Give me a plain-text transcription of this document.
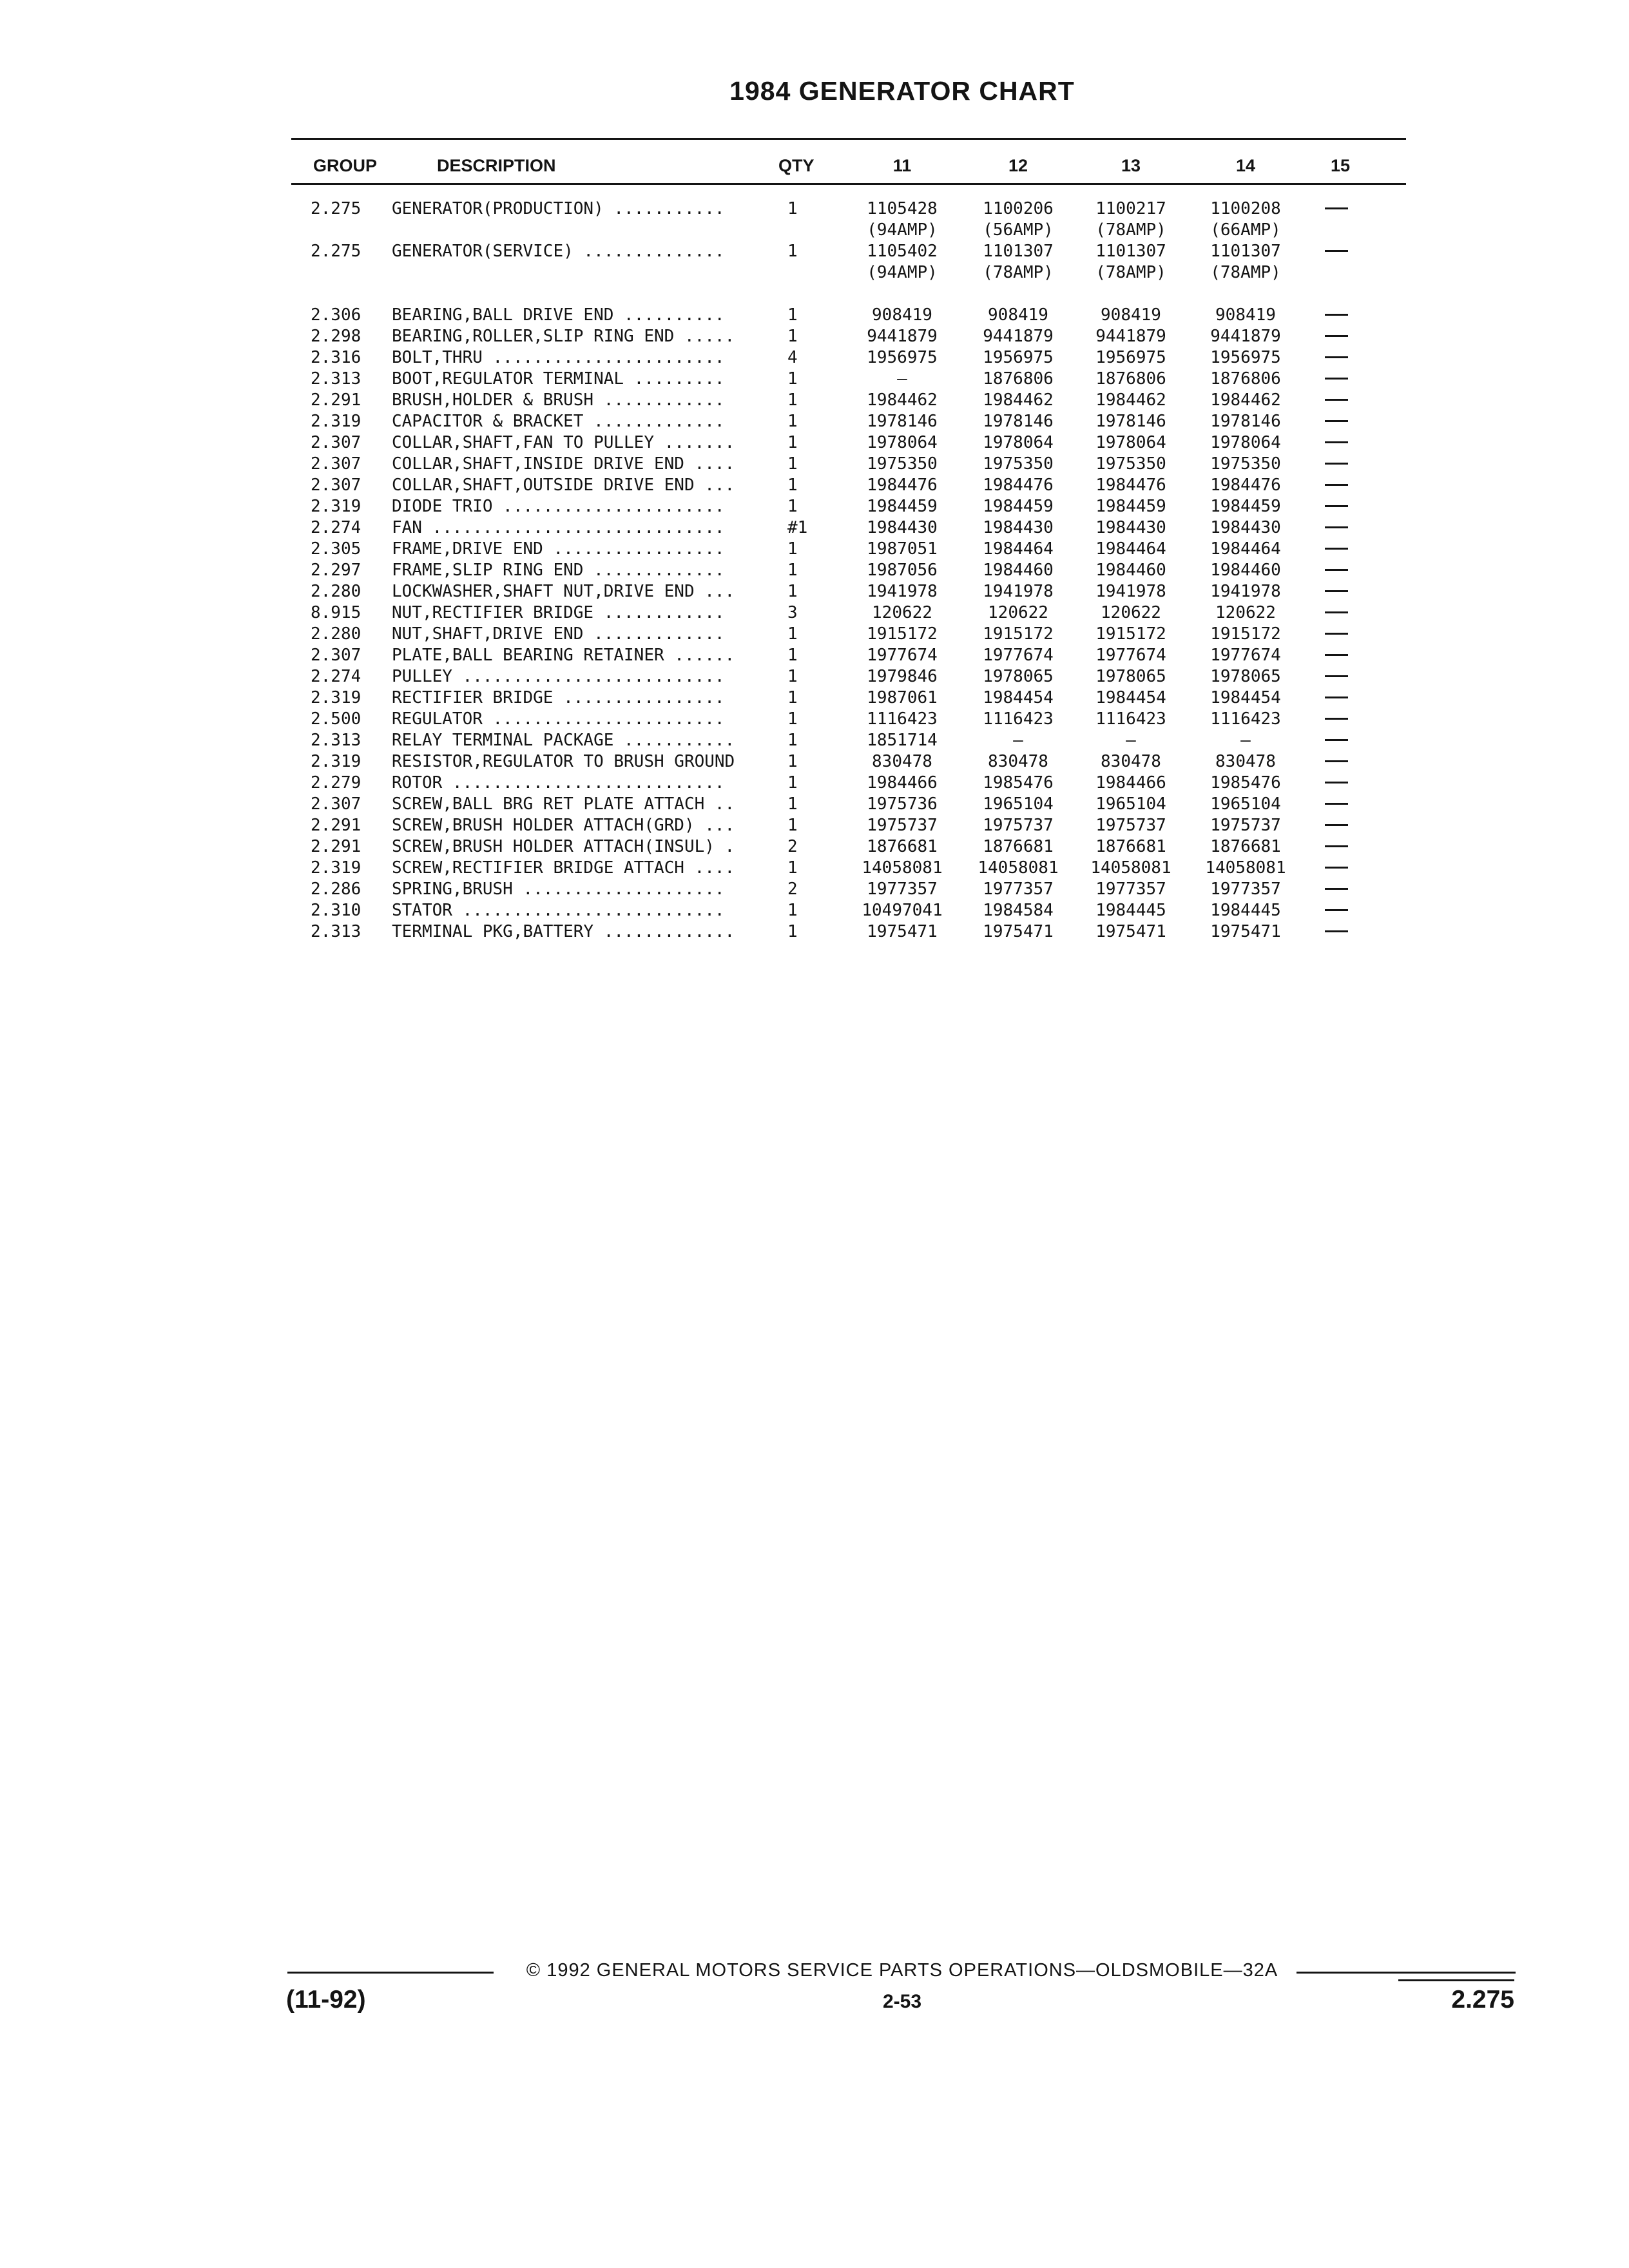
1984 GENERATOR CHART
GROUP	DESCRIPTION	QTY	11	12	13	14	15
2.275 GENERATOR(PRODUCTION) ...........	1	1105428	1100206	1100217	1100208
(94AMP)	(56AMP)	(78AMP)	(66AMP)
2.275 GENERATOR(SERVICE) ..............	1	1105402	1101307	1101307	1101307
(94AMP)	(78AMP)	(78AMP)	(78AMP)
2.306 BEARING,BALL DRIVE END ..........	1	908419	908419	908419	908419
2.298 BEARING,ROLLER,SLIP RING END .....	1	9441879	9441879	9441879	9441879
2.316 BOLT,THRU .......................	4	1956975	1956975	1956975	1956975
2.313 BOOT,REGULATOR TERMINAL .........	1	—	1876806	1876806	1876806
2.291 BRUSH,HOLDER & BRUSH ............	1	1984462	1984462	1984462	1984462
2.319 CAPACITOR & BRACKET .............	1	1978146	1978146	1978146	1978146
2.307 COLLAR,SHAFT,FAN TO PULLEY .......	1	1978064	1978064	1978064	1978064
2.307 COLLAR,SHAFT,INSIDE DRIVE END ....	1	1975350	1975350	1975350	1975350
2.307 COLLAR,SHAFT,OUTSIDE DRIVE END ...	1	1984476	1984476	1984476	1984476
2.319 DIODE TRIO ......................	1	1984459	1984459	1984459	1984459
2.274 FAN .............................	#1	1984430	1984430	1984430	1984430
2.305 FRAME,DRIVE END .................	1	1987051	1984464	1984464	1984464
2.297 FRAME,SLIP RING END .............	1	1987056	1984460	1984460	1984460
2.280 LOCKWASHER,SHAFT NUT,DRIVE END ...	1	1941978	1941978	1941978	1941978
8.915 NUT,RECTIFIER BRIDGE ............	3	120622	120622	120622	120622
2.280 NUT,SHAFT,DRIVE END .............	1	1915172	1915172	1915172	1915172
2.307 PLATE,BALL BEARING RETAINER ......	1	1977674	1977674	1977674	1977674
2.274 PULLEY ..........................	1	1979846	1978065	1978065	1978065
2.319 RECTIFIER BRIDGE ................	1	1987061	1984454	1984454	1984454
2.500 REGULATOR .......................	1	1116423	1116423	1116423	1116423
2.313 RELAY TERMINAL PACKAGE ...........	1	1851714	—	—	—
2.319 RESISTOR,REGULATOR TO BRUSH GROUND	1	830478	830478	830478	830478
2.279 ROTOR ...........................	1	1984466	1985476	1984466	1985476
2.307 SCREW,BALL BRG RET PLATE ATTACH ..	1	1975736	1965104	1965104	1965104
2.291 SCREW,BRUSH HOLDER ATTACH(GRD) ...	1	1975737	1975737	1975737	1975737
2.291 SCREW,BRUSH HOLDER ATTACH(INSUL) .	2	1876681	1876681	1876681	1876681
2.319 SCREW,RECTIFIER BRIDGE ATTACH ....	1	14058081	14058081	14058081	14058081
2.286 SPRING,BRUSH ....................	2	1977357	1977357	1977357	1977357
2.310 STATOR ..........................	1	10497041	1984584	1984445	1984445
2.313 TERMINAL PKG,BATTERY .............	1	1975471	1975471	1975471	1975471
© 1992 GENERAL MOTORS SERVICE PARTS OPERATIONS—OLDSMOBILE—32A
(11-92)	2-53	2.275
